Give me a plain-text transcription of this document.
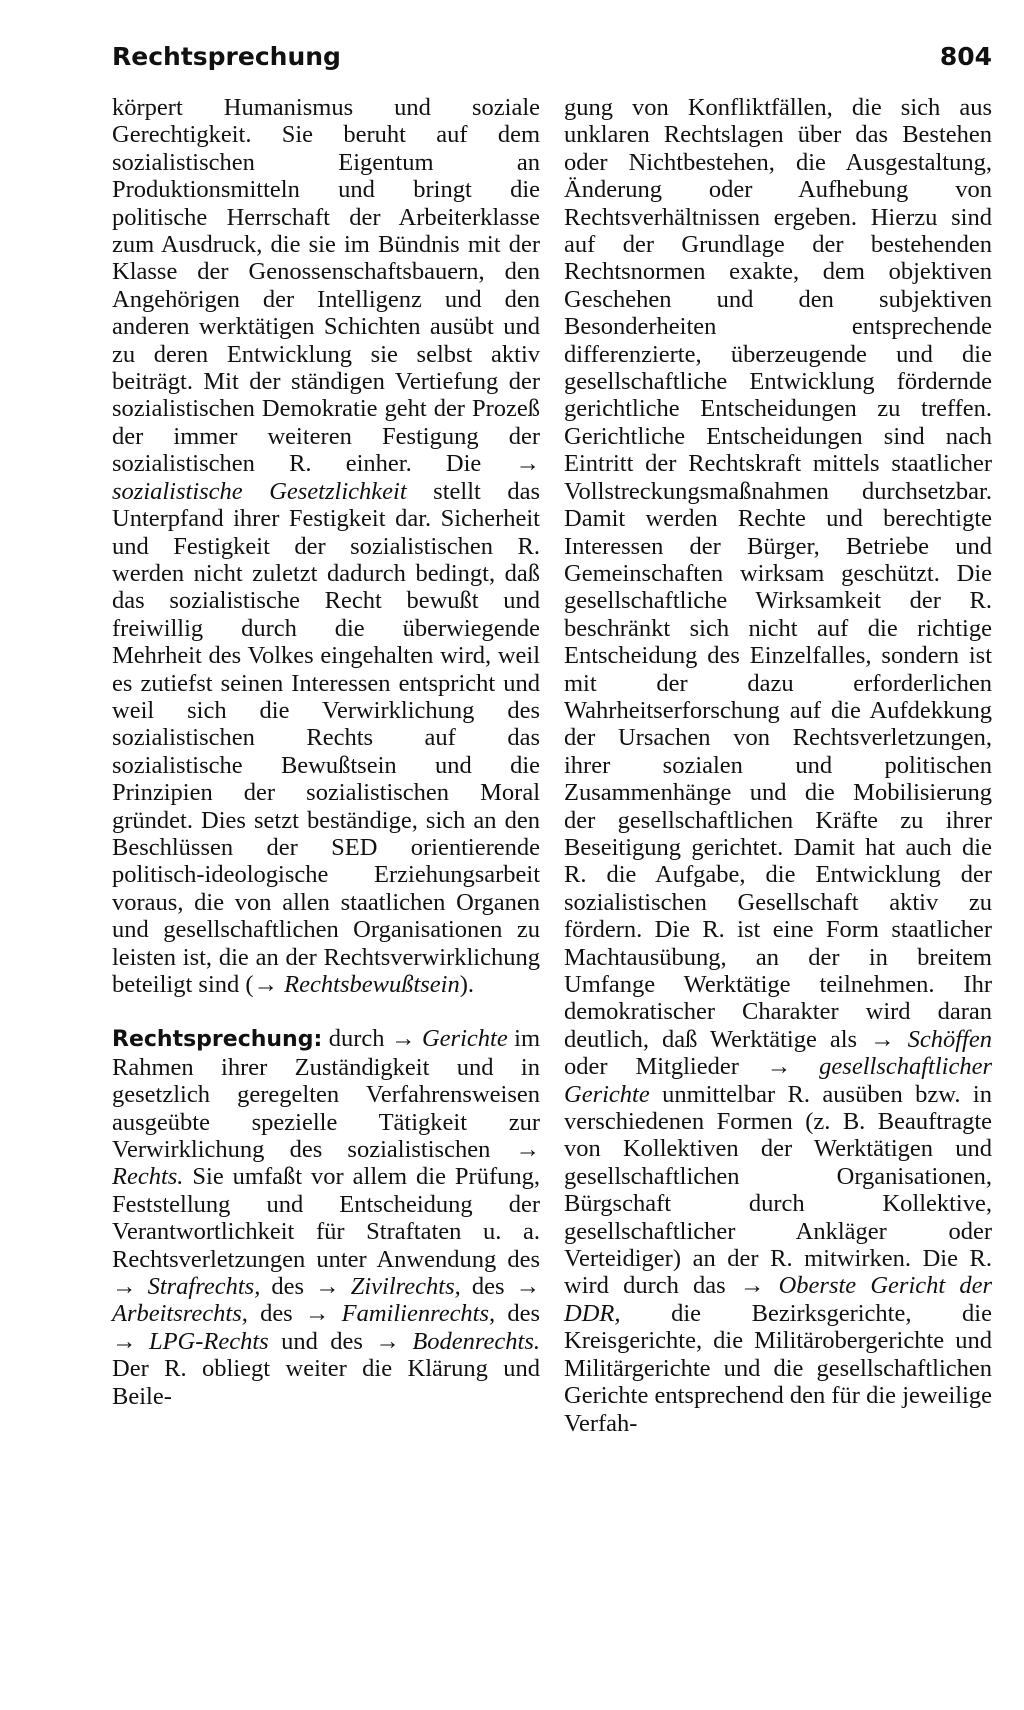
Rechtsprechung	804

körpert Humanismus und soziale Gerechtigkeit. Sie beruht auf dem sozialistischen Eigentum an Produktionsmitteln und bringt die politische Herrschaft der Arbeiterklasse zum Ausdruck, die sie im Bündnis mit der Klasse der Genossenschaftsbauern, den Angehörigen der Intelligenz und den anderen werktätigen Schichten ausübt und zu deren Entwicklung sie selbst aktiv beiträgt. Mit der ständigen Vertiefung der sozialistischen Demokratie geht der Prozeß der immer weiteren Festigung der sozialistischen R. einher. Die → sozialistische Gesetzlichkeit stellt das Unterpfand ihrer Festigkeit dar. Sicherheit und Festigkeit der sozialistischen R. werden nicht zuletzt dadurch bedingt, daß das sozialistische Recht bewußt und freiwillig durch die überwiegende Mehrheit des Volkes eingehalten wird, weil es zutiefst seinen Interessen entspricht und weil sich die Verwirklichung des sozialistischen Rechts auf das sozialistische Bewußtsein und die Prinzipien der sozialistischen Moral gründet. Dies setzt beständige, sich an den Beschlüssen der SED orientierende politisch-ideologische Erziehungsarbeit voraus, die von allen staatlichen Organen und gesellschaftlichen Organisationen zu leisten ist, die an der Rechtsverwirklichung beteiligt sind (→ Rechtsbewußtsein).

Rechtsprechung: durch → Gerichte im Rahmen ihrer Zuständigkeit und in gesetzlich geregelten Verfahrensweisen ausgeübte spezielle Tätigkeit zur Verwirklichung des sozialistischen → Rechts. Sie umfaßt vor allem die Prüfung, Feststellung und Entscheidung der Verantwortlichkeit für Straftaten u. a. Rechtsverletzungen unter Anwendung des → Strafrechts, des → Zivilrechts, des → Arbeitsrechts, des → Familienrechts, des → LPG-Rechts und des → Bodenrechts. Der R. obliegt weiter die Klärung und Beile-

gung von Konfliktfällen, die sich aus unklaren Rechtslagen über das Bestehen oder Nichtbestehen, die Ausgestaltung, Änderung oder Aufhebung von Rechtsverhältnissen ergeben. Hierzu sind auf der Grundlage der bestehenden Rechtsnormen exakte, dem objektiven Geschehen und den subjektiven Besonderheiten entsprechende differenzierte, überzeugende und die gesellschaftliche Entwicklung fördernde gerichtliche Entscheidungen zu treffen. Gerichtliche Entscheidungen sind nach Eintritt der Rechtskraft mittels staatlicher Vollstreckungsmaßnahmen durchsetzbar. Damit werden Rechte und berechtigte Interessen der Bürger, Betriebe und Gemeinschaften wirksam geschützt. Die gesellschaftliche Wirksamkeit der R. beschränkt sich nicht auf die richtige Entscheidung des Einzelfalles, sondern ist mit der dazu erforderlichen Wahrheitserforschung auf die Aufdekkung der Ursachen von Rechtsverletzungen, ihrer sozialen und politischen Zusammenhänge und die Mobilisierung der gesellschaftlichen Kräfte zu ihrer Beseitigung gerichtet. Damit hat auch die R. die Aufgabe, die Entwicklung der sozialistischen Gesellschaft aktiv zu fördern. Die R. ist eine Form staatlicher Machtausübung, an der in breitem Umfange Werktätige teilnehmen. Ihr demokratischer Charakter wird daran deutlich, daß Werktätige als → Schöffen oder Mitglieder → gesellschaftlicher Gerichte unmittelbar R. ausüben bzw. in verschiedenen Formen (z. B. Beauftragte von Kollektiven der Werktätigen und gesellschaftlichen Organisationen, Bürgschaft durch Kollektive, gesellschaftlicher Ankläger oder Verteidiger) an der R. mitwirken. Die R. wird durch das → Oberste Gericht der DDR, die Bezirksgerichte, die Kreisgerichte, die Militärobergerichte und Militärgerichte und die gesellschaftlichen Gerichte entsprechend den für die jeweilige Verfah-
